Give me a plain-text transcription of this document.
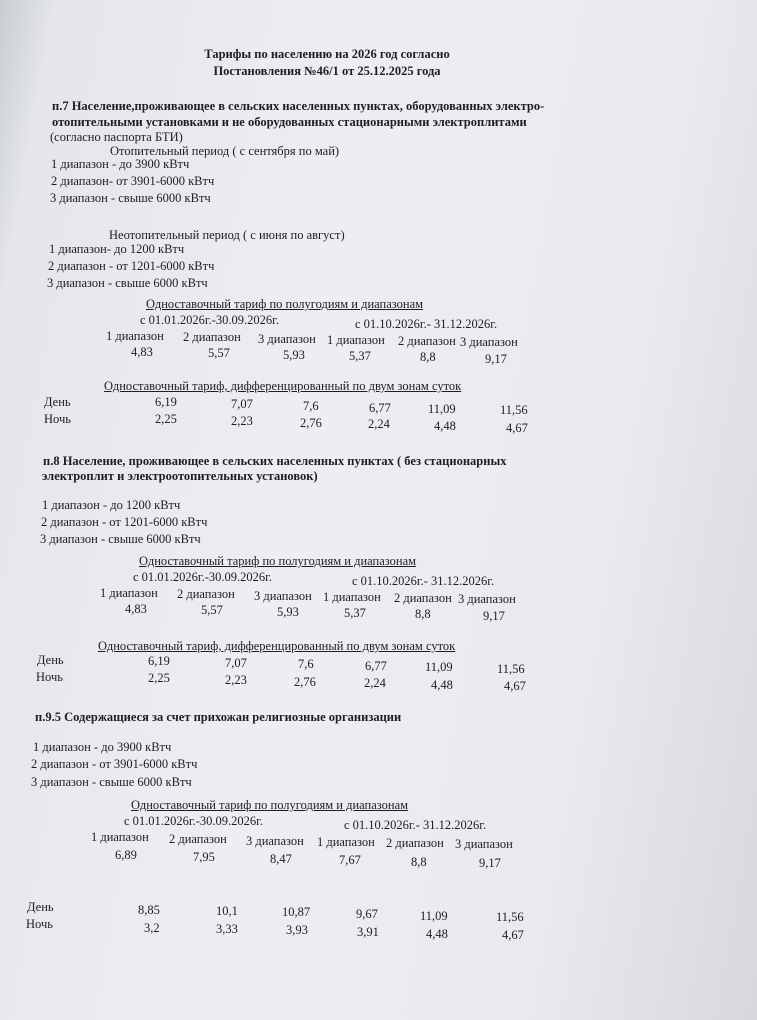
Тарифы по населению на 2026 год согласно
Постановления №46/1 от 25.12.2025 года
п.7 Население,проживающее в сельских населенных пунктах, оборудованных электро-
отопительными установками и не оборудованных стационарными электроплитами
(согласно паспорта БТИ)
Отопительный период ( с сентября по май)
1 диапазон - до 3900 кВтч
2 диапазон- от 3901-6000 кВтч
3 диапазон - свыше 6000 кВтч
Неотопительный период ( с июня по август)
1 диапазон- до 1200 кВтч
2 диапазон - от 1201-6000 кВтч
3 диапазон - свыше 6000 кВтч
Одноставочный тариф по полугодиям и диапазонам
с 01.01.2026г.-30.09.2026г.	с 01.10.2026г.- 31.12.2026г.
1 диапазон 2 диапазон 3 диапазон 1 диапазон 2 диапазон 3 диапазон
4,83	5,57	5,93	5,37	8,8	9,17
Одноставочный тариф, дифференцированный по двум зонам суток
День	6,19	7,07	7,6	6,77	11,09	11,56
Ночь	2,25	2,23	2,76	2,24	4,48	4,67
п.8 Население, проживающее в сельских населенных пунктах ( без стационарных
электроплит и электроотопительных установок)
1 диапазон - до 1200 кВтч
2 диапазон - от 1201-6000 кВтч
3 диапазон - свыше 6000 кВтч
Одноставочный тариф по полугодиям и диапазонам
с 01.01.2026г.-30.09.2026г.	с 01.10.2026г.- 31.12.2026г.
1 диапазон 2 диапазон 3 диапазон 1 диапазон 2 диапазон 3 диапазон
4,83	5,57	5,93	5,37	8,8	9,17
Одноставочный тариф, дифференцированный по двум зонам суток
День	6,19	7,07	7,6	6,77	11,09	11,56
Ночь	2,25	2,23	2,76	2,24	4,48	4,67
п.9.5 Содержащиеся за счет прихожан религиозные организации
1 диапазон - до 3900 кВтч
2 диапазон - от 3901-6000 кВтч
3 диапазон - свыше 6000 кВтч
Одноставочный тариф по полугодиям и диапазонам
с 01.01.2026г.-30.09.2026г.	с 01.10.2026г.- 31.12.2026г.
1 диапазон 2 диапазон 3 диапазон 1 диапазон 2 диапазон 3 диапазон
6,89	7,95	8,47	7,67	8,8	9,17
День	8,85	10,1	10,87	9,67	11,09	11,56
Ночь	3,2	3,33	3,93	3,91	4,48	4,67
